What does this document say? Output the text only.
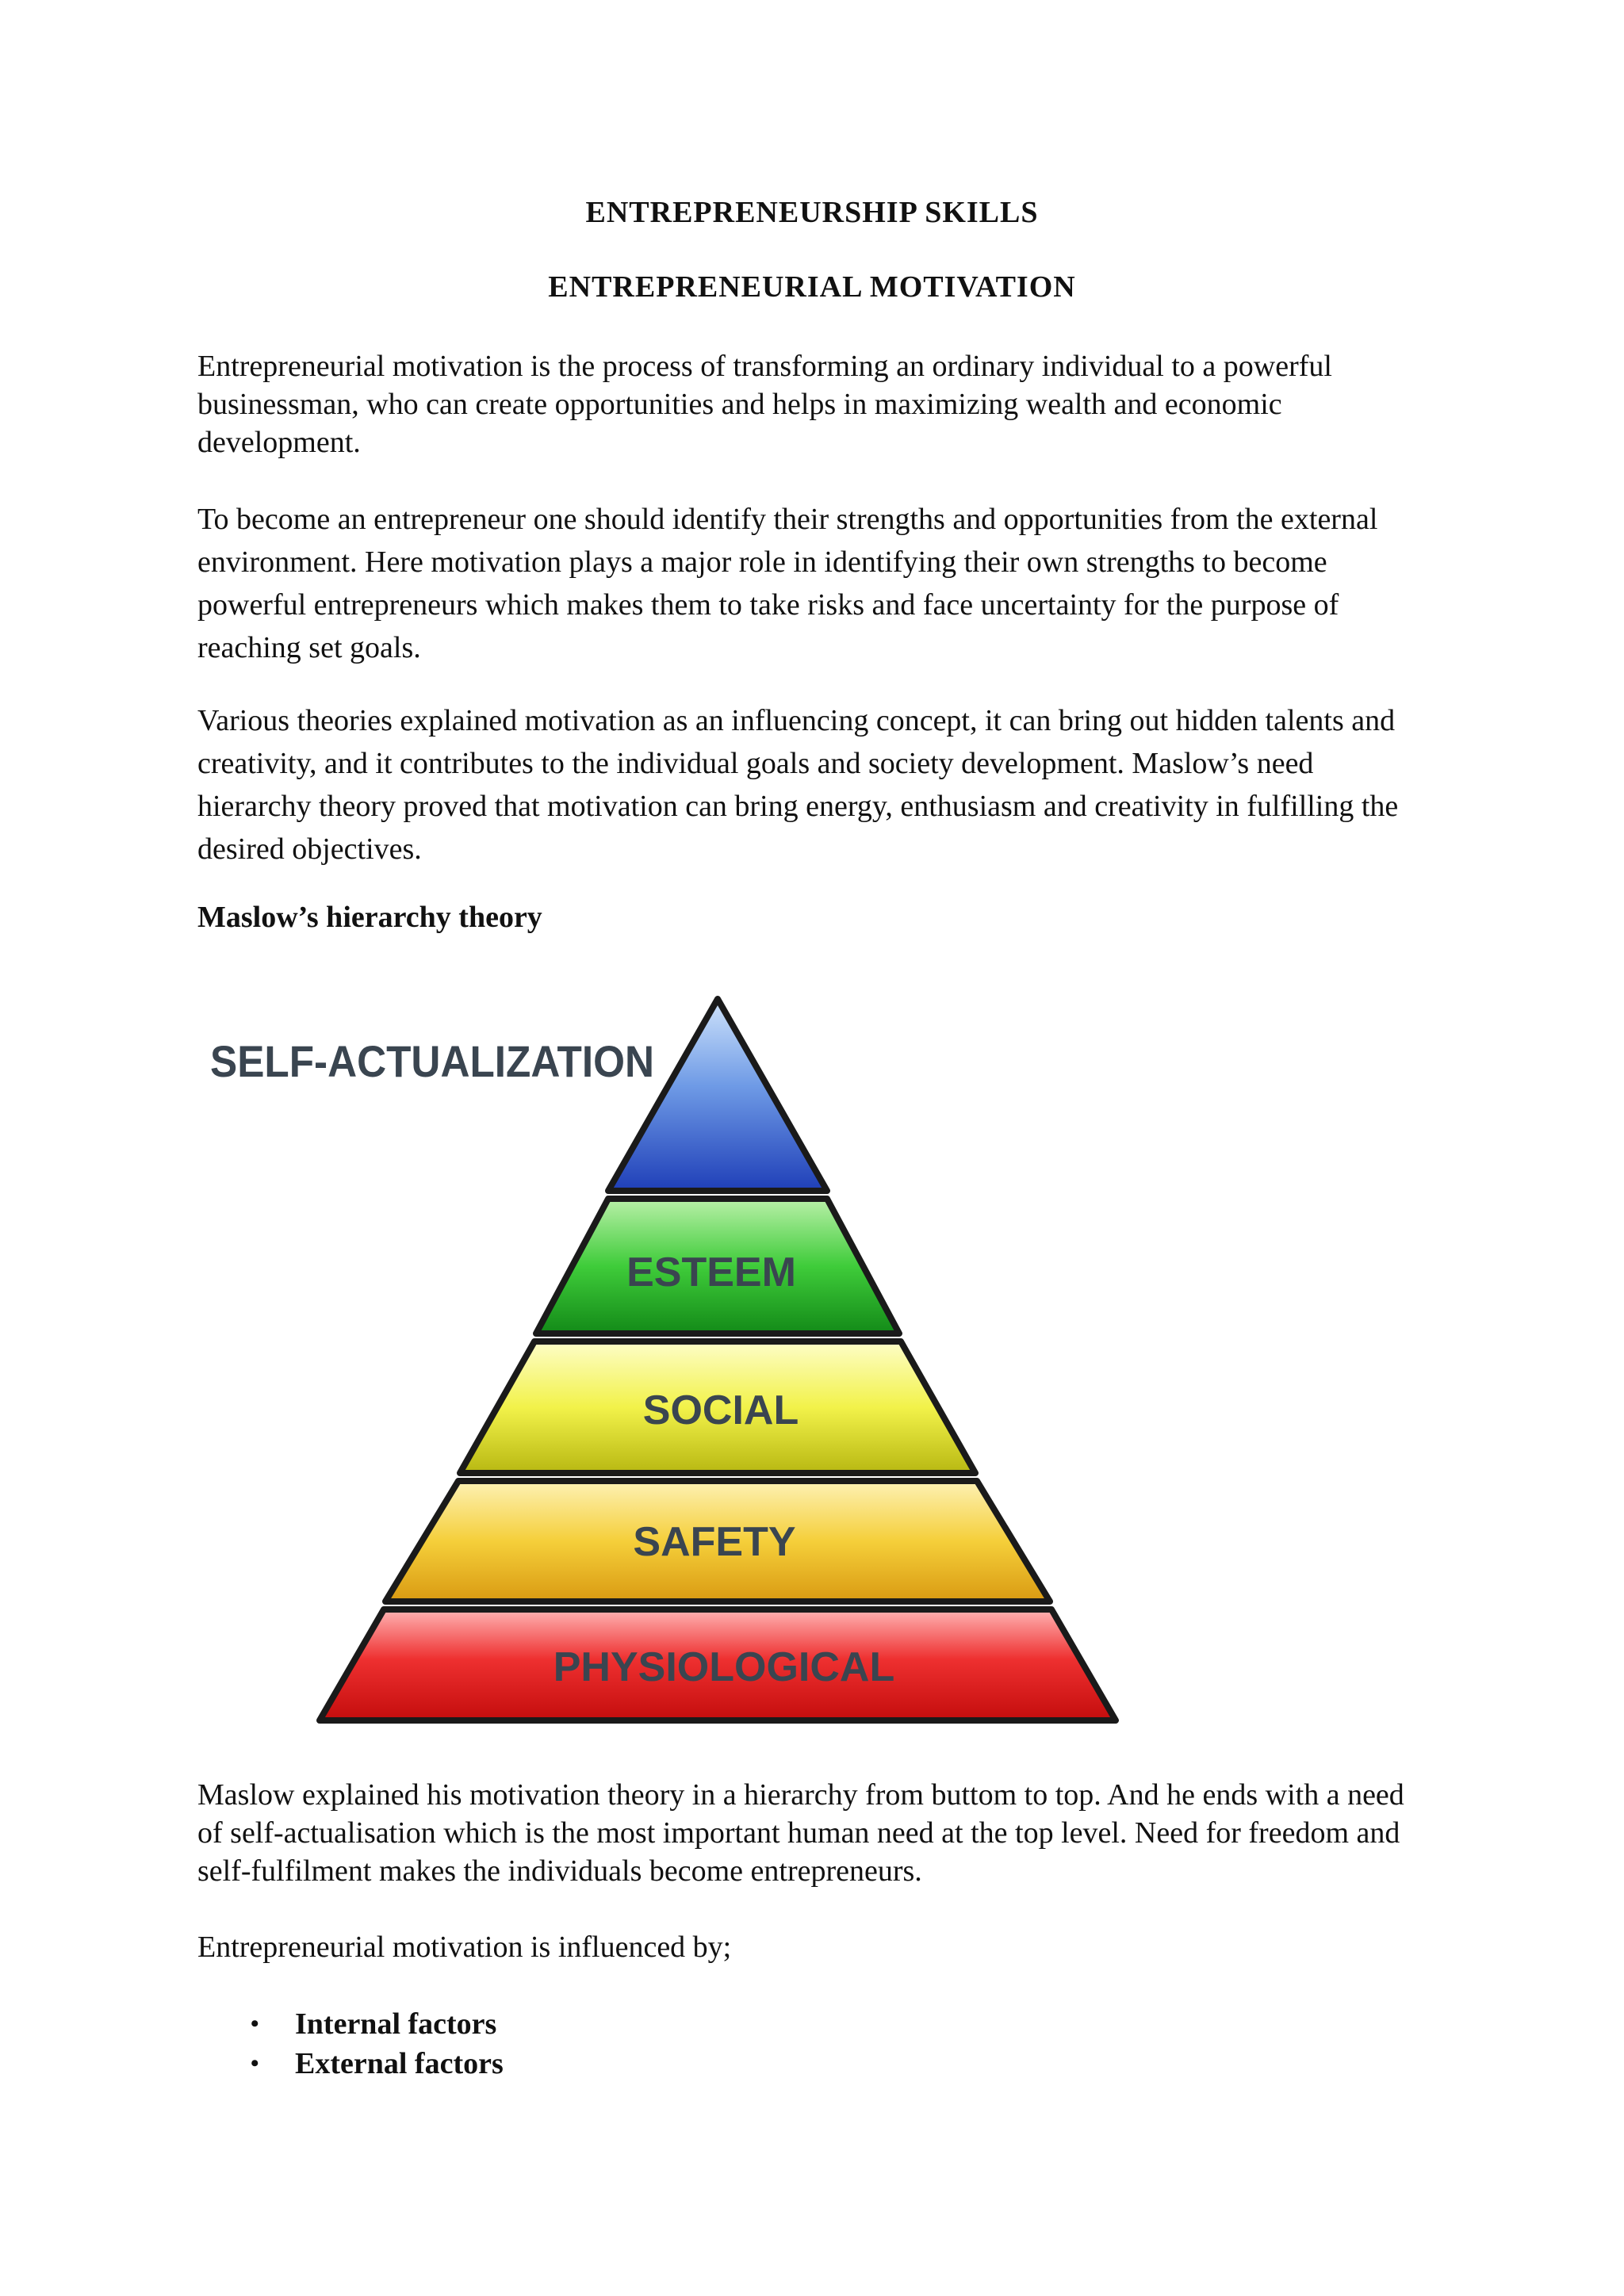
ENTREPRENEURSHIP SKILLS
ENTREPRENEURIAL MOTIVATION

Entrepreneurial motivation is the process of transforming an ordinary individual to a powerful businessman, who can create opportunities and helps in maximizing wealth and economic development.

To become an entrepreneur one should identify their strengths and opportunities from the external environment. Here motivation plays a major role in identifying their own strengths to become powerful entrepreneurs which makes them to take risks and face uncertainty for the purpose of reaching set goals.

Various theories explained motivation as an influencing concept, it can bring out hidden talents and creativity, and it contributes to the individual goals and society development. Maslow’s need hierarchy theory proved that motivation can bring energy, enthusiasm and creativity in fulfilling the desired objectives.

Maslow’s hierarchy theory
SELF-ACTUALIZATION
ESTEEM
SOCIAL
SAFETY
PHYSIOLOGICAL

Maslow explained his motivation theory in a hierarchy from buttom to top. And he ends with a need of self-actualisation which is the most important human need at the top level. Need for freedom and self-fulfilment makes the individuals become entrepreneurs.

Entrepreneurial motivation is influenced by;

• Internal factors
• External factors
